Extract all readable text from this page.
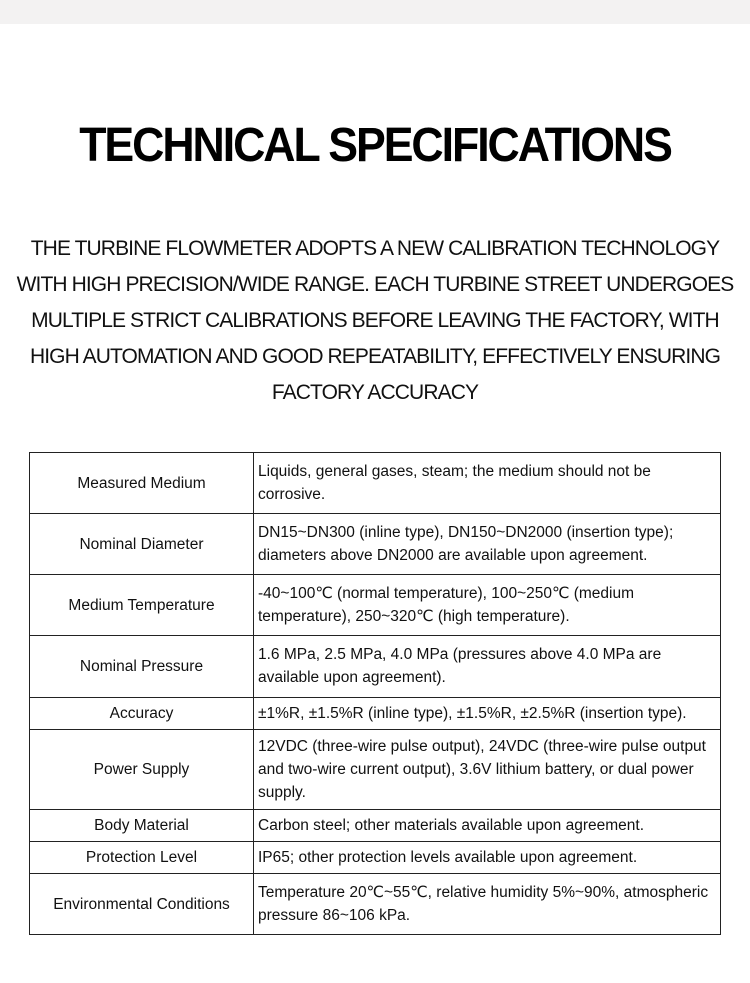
TECHNICAL SPECIFICATIONS

THE TURBINE FLOWMETER ADOPTS A NEW CALIBRATION TECHNOLOGY
WITH HIGH PRECISION/WIDE RANGE. EACH TURBINE STREET UNDERGOES
MULTIPLE STRICT CALIBRATIONS BEFORE LEAVING THE FACTORY, WITH
HIGH AUTOMATION AND GOOD REPEATABILITY, EFFECTIVELY ENSURING
FACTORY ACCURACY

Measured Medium	Liquids, general gases, steam; the medium should not be corrosive.
Nominal Diameter	DN15~DN300 (inline type), DN150~DN2000 (insertion type); diameters above DN2000 are available upon agreement.
Medium Temperature	-40~100℃ (normal temperature), 100~250℃ (medium temperature), 250~320℃ (high temperature).
Nominal Pressure	1.6 MPa, 2.5 MPa, 4.0 MPa (pressures above 4.0 MPa are available upon agreement).
Accuracy	±1%R, ±1.5%R (inline type), ±1.5%R, ±2.5%R (insertion type).
Power Supply	12VDC (three-wire pulse output), 24VDC (three-wire pulse output and two-wire current output), 3.6V lithium battery, or dual power supply.
Body Material	Carbon steel; other materials available upon agreement.
Protection Level	IP65; other protection levels available upon agreement.
Environmental Conditions	Temperature 20℃~55℃, relative humidity 5%~90%, atmospheric pressure 86~106 kPa.
